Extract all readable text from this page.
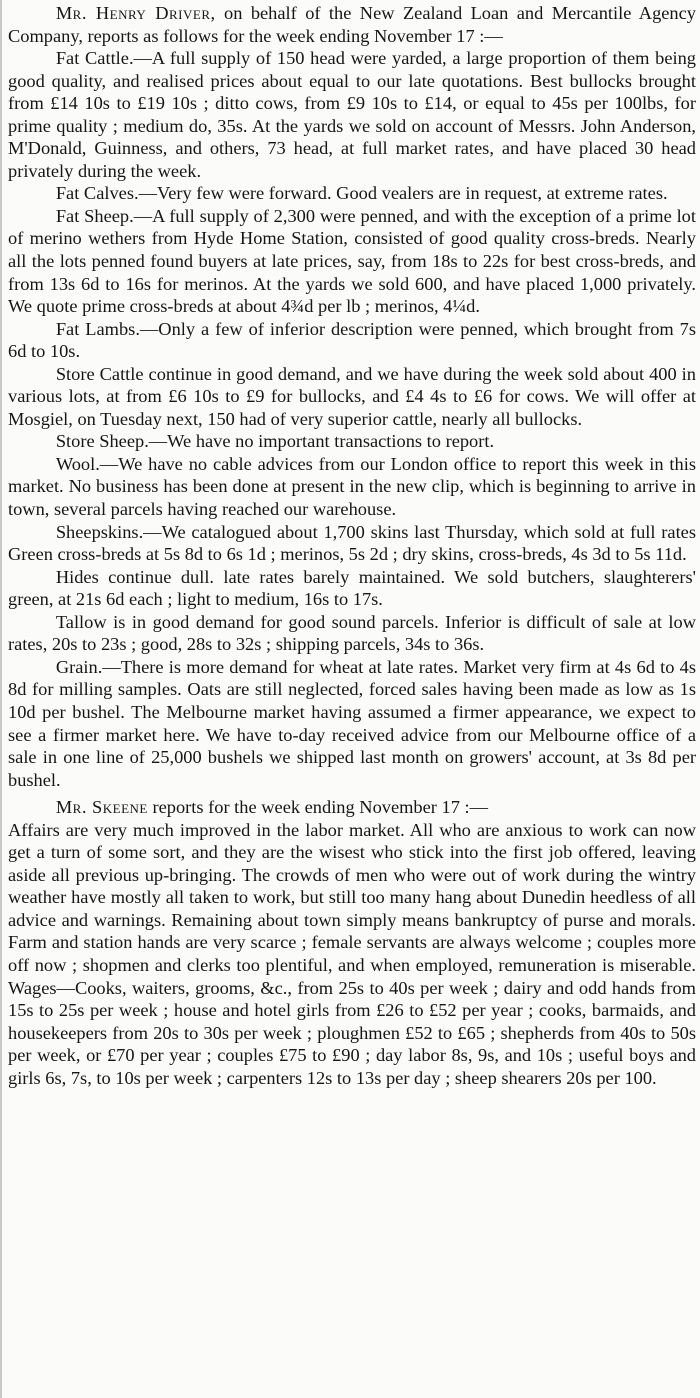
Mr. Henry Driver, on behalf of the New Zealand Loan and Mercantile Agency Company, reports as follows for the week ending November 17 :—

Fat Cattle.—A full supply of 150 head were yarded, a large proportion of them being good quality, and realised prices about equal to our late quotations. Best bullocks brought from £14 10s to £19 10s ; ditto cows, from £9 10s to £14, or equal to 45s per 100lbs, for prime quality ; medium do, 35s. At the yards we sold on account of Messrs. John Anderson, M'Donald, Guinness, and others, 73 head, at full market rates, and have placed 30 head privately during the week.

Fat Calves.—Very few were forward. Good vealers are in request, at extreme rates.

Fat Sheep.—A full supply of 2,300 were penned, and with the exception of a prime lot of merino wethers from Hyde Home Station, consisted of good quality cross-breds. Nearly all the lots penned found buyers at late prices, say, from 18s to 22s for best cross-breds, and from 13s 6d to 16s for merinos. At the yards we sold 600, and have placed 1,000 privately. We quote prime cross-breds at about 4¾d per lb ; merinos, 4¼d.

Fat Lambs.—Only a few of inferior description were penned, which brought from 7s 6d to 10s.

Store Cattle continue in good demand, and we have during the week sold about 400 in various lots, at from £6 10s to £9 for bullocks, and £4 4s to £6 for cows. We will offer at Mosgiel, on Tuesday next, 150 had of very superior cattle, nearly all bullocks.

Store Sheep.—We have no important transactions to report.

Wool.—We have no cable advices from our London office to report this week in this market. No business has been done at present in the new clip, which is beginning to arrive in town, several parcels having reached our warehouse.

Sheepskins.—We catalogued about 1,700 skins last Thursday, which sold at full rates Green cross-breds at 5s 8d to 6s 1d ; merinos, 5s 2d ; dry skins, cross-breds, 4s 3d to 5s 11d.

Hides continue dull. late rates barely maintained. We sold butchers, slaughterers' green, at 21s 6d each ; light to medium, 16s to 17s.

Tallow is in good demand for good sound parcels. Inferior is difficult of sale at low rates, 20s to 23s ; good, 28s to 32s ; shipping parcels, 34s to 36s.

Grain.—There is more demand for wheat at late rates. Market very firm at 4s 6d to 4s 8d for milling samples. Oats are still neglected, forced sales having been made as low as 1s 10d per bushel. The Melbourne market having assumed a firmer appearance, we expect to see a firmer market here. We have to-day received advice from our Melbourne office of a sale in one line of 25,000 bushels we shipped last month on growers' account, at 3s 8d per bushel.

Mr. Skeene reports for the week ending November 17 :—

Affairs are very much improved in the labor market. All who are anxious to work can now get a turn of some sort, and they are the wisest who stick into the first job offered, leaving aside all previous up-bringing. The crowds of men who were out of work during the wintry weather have mostly all taken to work, but still too many hang about Dunedin heedless of all advice and warnings. Remaining about town simply means bankruptcy of purse and morals. Farm and station hands are very scarce ; female servants are always welcome ; couples more off now ; shopmen and clerks too plentiful, and when employed, remuneration is miserable. Wages—Cooks, waiters, grooms, &c., from 25s to 40s per week ; dairy and odd hands from 15s to 25s per week ; house and hotel girls from £26 to £52 per year ; cooks, barmaids, and housekeepers from 20s to 30s per week ; ploughmen £52 to £65 ; shepherds from 40s to 50s per week, or £70 per year ; couples £75 to £90 ; day labor 8s, 9s, and 10s ; useful boys and girls 6s, 7s, to 10s per week ; carpenters 12s to 13s per day ; sheep shearers 20s per 100.
